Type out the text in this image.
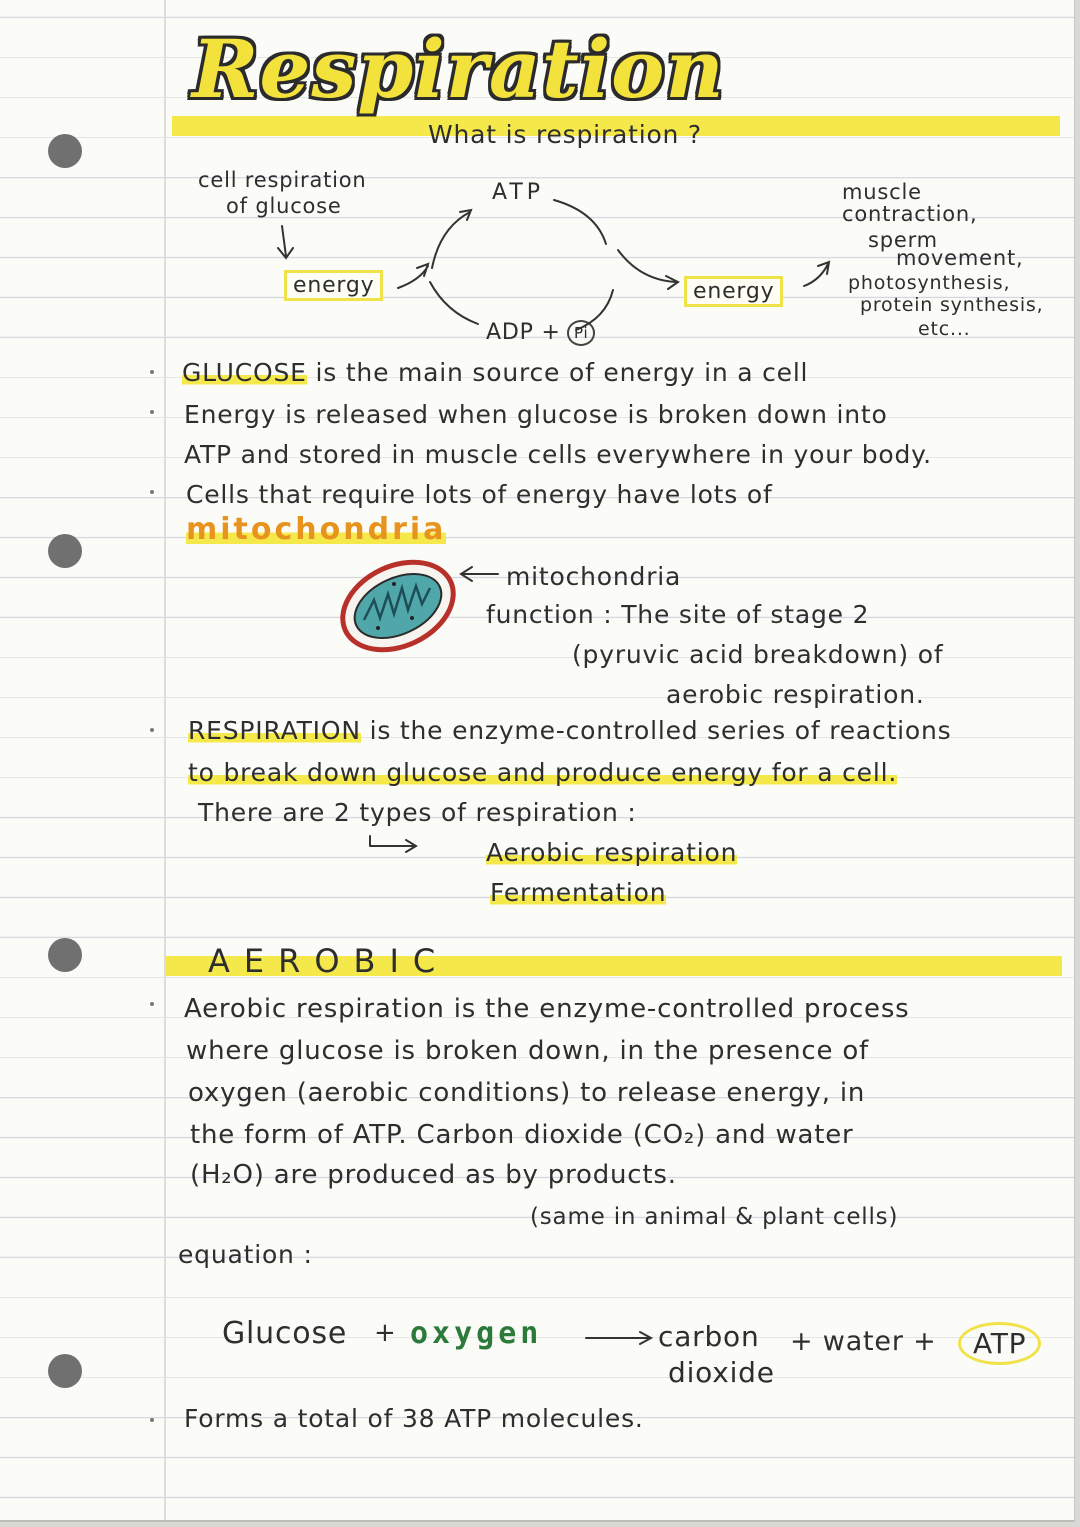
Respiration
What is respiration ?
cell respiration
of glucose
energy
ATP
ADP + Pi
energy
muscle
contraction,
sperm
movement,
photosynthesis,
protein synthesis,
etc...
GLUCOSE is the main source of energy in a cell
Energy is released when glucose is broken down into
ATP and stored in muscle cells everywhere in your body.
Cells that require lots of energy have lots of
mitochondria
mitochondria
function : The site of stage 2
(pyruvic acid breakdown) of
aerobic respiration.
RESPIRATION is the enzyme-controlled series of reactions
to break down glucose and produce energy for a cell.
There are 2 types of respiration :
Aerobic respiration
Fermentation
AEROBIC
Aerobic respiration is the enzyme-controlled process
where glucose is broken down, in the presence of
oxygen (aerobic conditions) to release energy, in
the form of ATP. Carbon dioxide (CO₂) and water
(H₂O) are produced as by products.
(same in animal & plant cells)
equation :
Glucose + oxygen	carbon
dioxide
+ water +	ATP
Forms a total of 38 ATP molecules.
